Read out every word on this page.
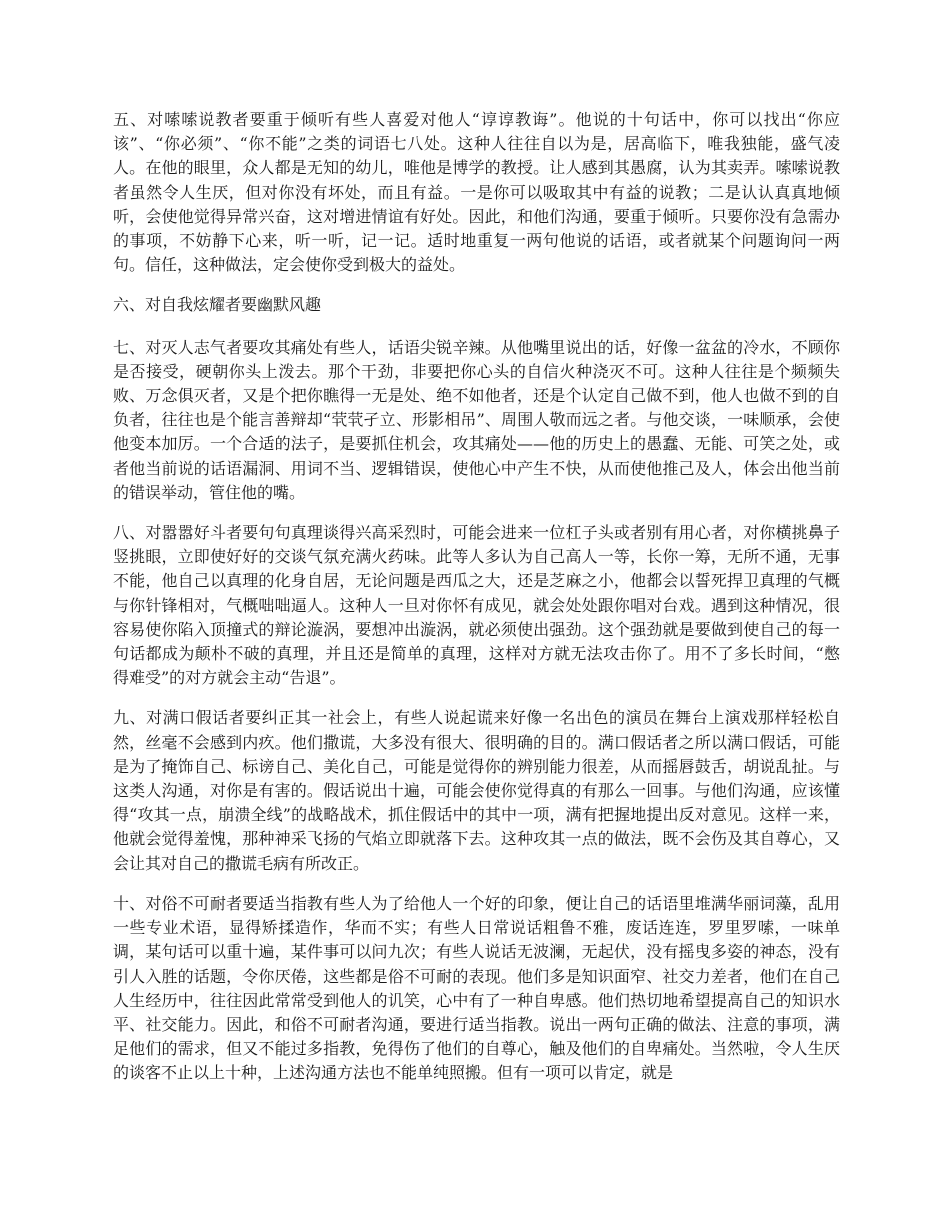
五、对嗦嗦说教者要重于倾听有些人喜爱对他人“谆谆教诲”。他说的十句话中，你可以找出“你应该”、“你必须”、“你不能”之类的词语七八处。这种人往往自以为是，居高临下，唯我独能，盛气凌人。在他的眼里，众人都是无知的幼儿，唯他是博学的教授。让人感到其愚腐，认为其卖弄。嗦嗦说教者虽然令人生厌，但对你没有坏处，而且有益。一是你可以吸取其中有益的说教；二是认认真真地倾听，会使他觉得异常兴奋，这对增进情谊有好处。因此，和他们沟通，要重于倾听。只要你没有急需办的事项，不妨静下心来，听一听，记一记。适时地重复一两句他说的话语，或者就某个问题询问一两句。信任，这种做法，定会使你受到极大的益处。

六、对自我炫耀者要幽默风趣

七、对灭人志气者要攻其痛处有些人，话语尖锐辛辣。从他嘴里说出的话，好像一盆盆的冷水，不顾你是否接受，硬朝你头上泼去。那个干劲，非要把你心头的自信火种浇灭不可。这种人往往是个频频失败、万念俱灭者，又是个把你瞧得一无是处、绝不如他者，还是个认定自己做不到，他人也做不到的自负者，往往也是个能言善辩却“茕茕孑立、形影相吊”、周围人敬而远之者。与他交谈，一味顺承，会使他变本加厉。一个合适的法子，是要抓住机会，攻其痛处——他的历史上的愚蠢、无能、可笑之处，或者他当前说的话语漏洞、用词不当、逻辑错误，使他心中产生不快，从而使他推己及人，体会出他当前的错误举动，管住他的嘴。

八、对嚣嚣好斗者要句句真理谈得兴高采烈时，可能会进来一位杠子头或者别有用心者，对你横挑鼻子竖挑眼，立即使好好的交谈气氛充满火药味。此等人多认为自己高人一等，长你一筹，无所不通，无事不能，他自己以真理的化身自居，无论问题是西瓜之大，还是芝麻之小，他都会以誓死捍卫真理的气概与你针锋相对，气概咄咄逼人。这种人一旦对你怀有成见，就会处处跟你唱对台戏。遇到这种情况，很容易使你陷入顶撞式的辩论漩涡，要想冲出漩涡，就必须使出强劲。这个强劲就是要做到使自己的每一句话都成为颠朴不破的真理，并且还是简单的真理，这样对方就无法攻击你了。用不了多长时间，“憋得难受”的对方就会主动“告退”。

九、对满口假话者要纠正其一社会上，有些人说起谎来好像一名出色的演员在舞台上演戏那样轻松自然，丝毫不会感到内疚。他们撒谎，大多没有很大、很明确的目的。满口假话者之所以满口假话，可能是为了掩饰自己、标谤自己、美化自己，可能是觉得你的辨别能力很差，从而摇唇鼓舌，胡说乱扯。与这类人沟通，对你是有害的。假话说出十遍，可能会使你觉得真的有那么一回事。与他们沟通，应该懂得“攻其一点，崩溃全线”的战略战术，抓住假话中的其中一项，满有把握地提出反对意见。这样一来，他就会觉得羞愧，那种神采飞扬的气焰立即就落下去。这种攻其一点的做法，既不会伤及其自尊心，又会让其对自己的撒谎毛病有所改正。

十、对俗不可耐者要适当指教有些人为了给他人一个好的印象，便让自己的话语里堆满华丽词藻，乱用一些专业术语，显得矫揉造作，华而不实；有些人日常说话粗鲁不雅，废话连连，罗里罗嗦，一味单调，某句话可以重十遍，某件事可以问九次；有些人说话无波澜，无起伏，没有摇曳多姿的神态，没有引人入胜的话题，令你厌倦，这些都是俗不可耐的表现。他们多是知识面窄、社交力差者，他们在自己人生经历中，往往因此常常受到他人的讥笑，心中有了一种自卑感。他们热切地希望提高自己的知识水平、社交能力。因此，和俗不可耐者沟通，要进行适当指教。说出一两句正确的做法、注意的事项，满足他们的需求，但又不能过多指教，免得伤了他们的自尊心，触及他们的自卑痛处。当然啦，令人生厌的谈客不止以上十种，上述沟通方法也不能单纯照搬。但有一项可以肯定，就是
